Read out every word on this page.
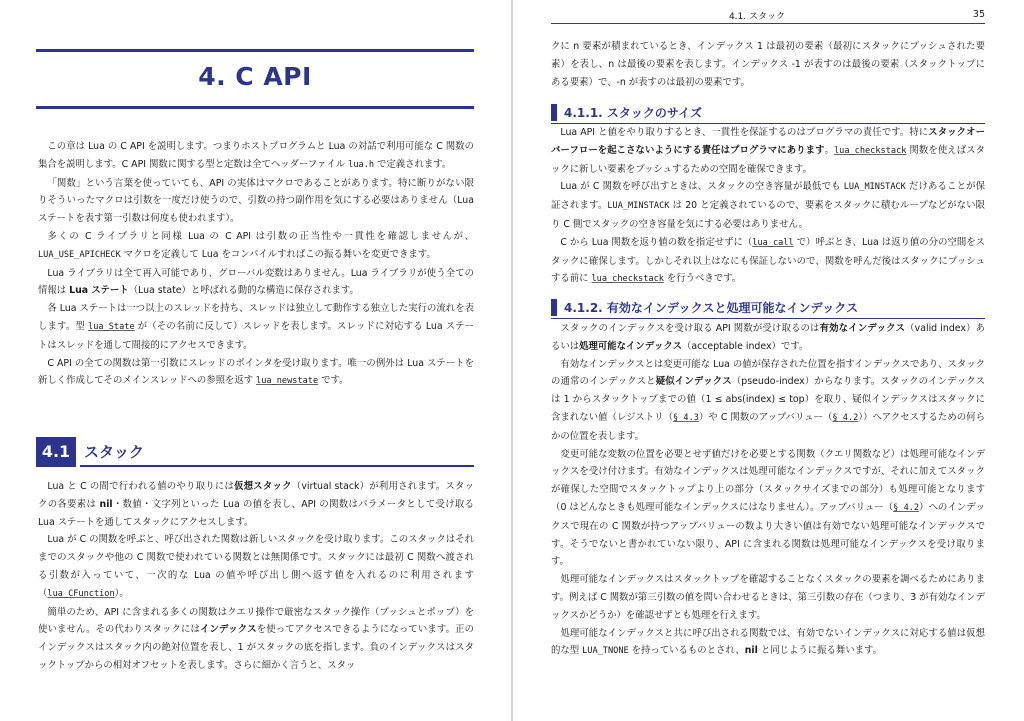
4. C API

この章は Lua の C API を説明します。つまりホストプログラムと Lua の対話で利用可能な C 関数の集合を説明します。C API 関数に関する型と定数は全てヘッダーファイル lua.h で定義されます。

「関数」という言葉を使っていても、API の実体はマクロであることがあります。特に断りがない限りそういったマクロは引数を一度だけ使うので、引数の持つ副作用を気にする必要はありません（Lua ステートを表す第一引数は何度も使われます）。

多くの C ライブラリと同様 Lua の C API は引数の正当性や一貫性を確認しませんが、LUA_USE_APICHECK マクロを定義して Lua をコンパイルすればこの振る舞いを変更できます。

Lua ライブラリは全て再入可能であり、グローバル変数はありません。Lua ライブラリが使う全ての情報は Lua ステート（Lua state）と呼ばれる動的な構造に保存されます。

各 Lua ステートは一つ以上のスレッドを持ち、スレッドは独立して動作する独立した実行の流れを表します。型 lua_State が（その名前に反して）スレッドを表します。スレッドに対応する Lua ステートはスレッドを通して間接的にアクセスできます。

C API の全ての関数は第一引数にスレッドのポインタを受け取ります。唯一の例外は Lua ステートを新しく作成してそのメインスレッドへの参照を返す lua_newstate です。

4.1 スタック

Lua と C の間で行われる値のやり取りには仮想スタック（virtual stack）が利用されます。スタックの各要素は nil・数値・文字列といった Lua の値を表し、API の関数はパラメータとして受け取る Lua ステートを通してスタックにアクセスします。

Lua が C の関数を呼ぶと、呼び出された関数は新しいスタックを受け取ります。このスタックはそれまでのスタックや他の C 関数で使われている関数とは無関係です。スタックには最初 C 関数へ渡される引数が入っていて、一次的な Lua の値や呼び出し側へ返す値を入れるのに利用されます（lua_CFunction）。

簡単のため、API に含まれる多くの関数はクエリ操作で厳密なスタック操作（プッシュとポップ）を使いません。その代わりスタックにはインデックスを使ってアクセスできるようになっています。正のインデックスはスタック内の絶対位置を表し、1 がスタックの底を指します。負のインデックスはスタックトップからの相対オフセットを表します。さらに細かく言うと、スタッ

4.1. スタック	35

クに n 要素が積まれているとき、インデックス 1 は最初の要素（最初にスタックにプッシュされた要素）を表し、n は最後の要素を表します。インデックス -1 が表すのは最後の要素（スタックトップにある要素）で、-n が表すのは最初の要素です。

4.1.1. スタックのサイズ

Lua API と値をやり取りするとき、一貫性を保証するのはプログラマの責任です。特にスタックオーバーフローを起こさないようにする責任はプログラマにあります。lua_checkstack 関数を使えばスタックに新しい要素をプッシュするための空間を確保できます。

Lua が C 関数を呼び出すときは、スタックの空き容量が最低でも LUA_MINSTACK だけあることが保証されます。LUA_MINSTACK は 20 と定義されているので、要素をスタックに積むループなどがない限り C 側でスタックの空き容量を気にする必要はありません。

C から Lua 関数を返り値の数を指定せずに（lua_call で）呼ぶとき、Lua は返り値の分の空間をスタックに確保します。しかしそれ以上はなにも保証しないので、関数を呼んだ後はスタックにプッシュする前に lua_checkstack を行うべきです。

4.1.2. 有効なインデックスと処理可能なインデックス

スタックのインデックスを受け取る API 関数が受け取るのは有効なインデックス（valid index）あるいは処理可能なインデックス（acceptable index）です。

有効なインデックスとは変更可能な Lua の値が保存された位置を指すインデックスであり、スタックの通常のインデックスと疑似インデックス（pseudo-index）からなります。スタックのインデックスは 1 からスタックトップまでの値（1 ≤ abs(index) ≤ top）を取り、疑似インデックスはスタックに含まれない値（レジストリ（§ 4.3）や C 関数のアップバリュー（§ 4.2））へアクセスするための何らかの位置を表します。

変更可能な変数の位置を必要とせず値だけを必要とする関数（クエリ関数など）は処理可能なインデックスを受け付けます。有効なインデックスは処理可能なインデックスですが、それに加えてスタックが確保した空間でスタックトップより上の部分（スタックサイズまでの部分）も処理可能となります（0 はどんなときも処理可能なインデックスにはなりません）。アップバリュー（§ 4.2）へのインデックスで現在の C 関数が持つアップバリューの数より大きい値は有効でない処理可能なインデックスです。そうでないと書かれていない限り、API に含まれる関数は処理可能なインデックスを受け取ります。

処理可能なインデックスはスタックトップを確認することなくスタックの要素を調べるためにあります。例えば C 関数が第三引数の値を問い合わせるときは、第三引数の存在（つまり、3 が有効なインデックスかどうか）を確認せずとも処理を行えます。

処理可能なインデックスと共に呼び出される関数では、有効でないインデックスに対応する値は仮想的な型 LUA_TNONE を持っているものとされ、nil と同じように振る舞います。
